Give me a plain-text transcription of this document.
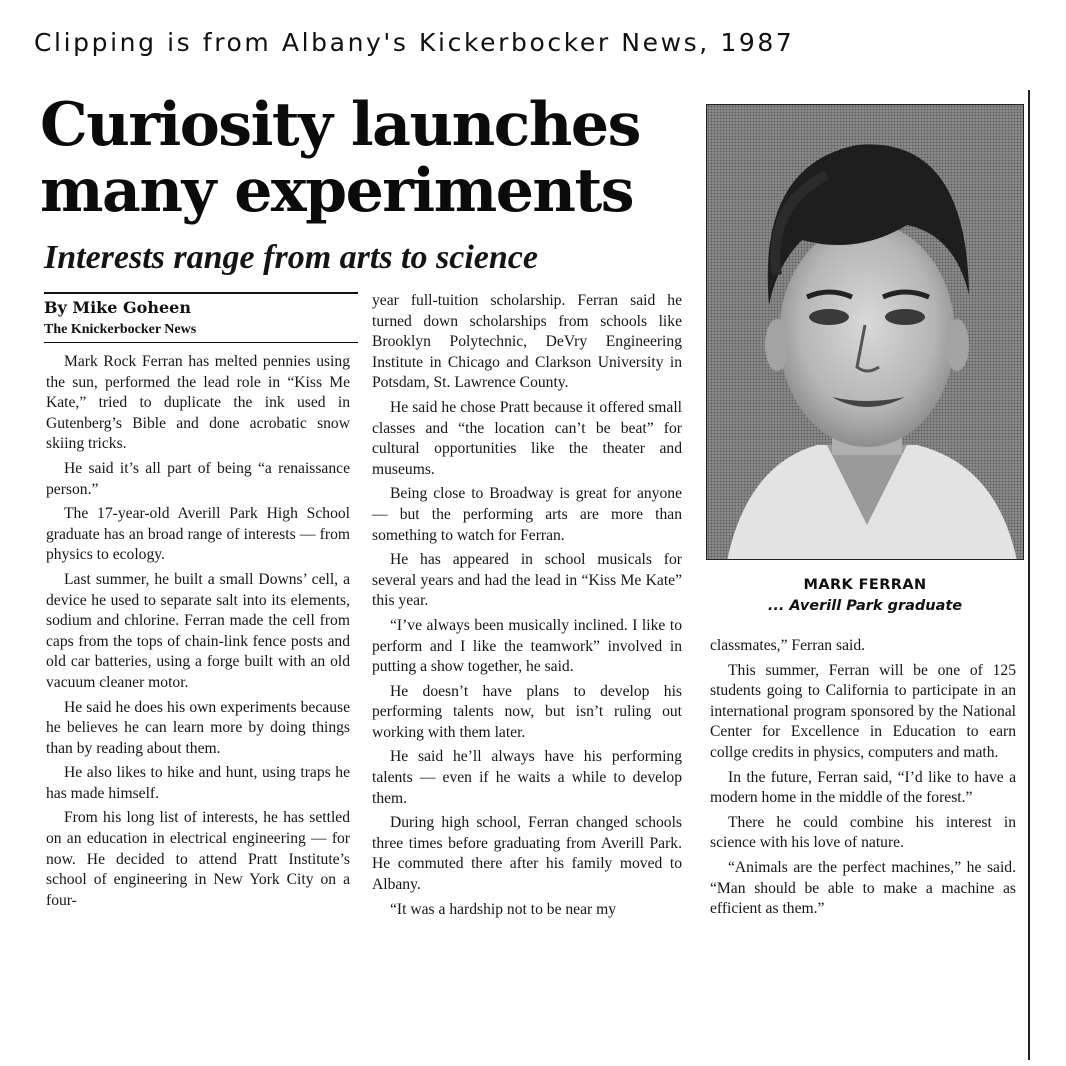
Clipping is from Albany's Kickerbocker News, 1987
Curiosity launches
many experiments
Interests range from arts to science
By Mike Goheen
The Knickerbocker News

Mark Rock Ferran has melted pennies using the sun, performed the lead role in “Kiss Me Kate,” tried to duplicate the ink used in Gutenberg’s Bible and done acrobatic snow skiing tricks.

He said it’s all part of being “a renaissance person.”

The 17-year-old Averill Park High School graduate has an broad range of interests — from physics to ecology.

Last summer, he built a small Downs’ cell, a device he used to separate salt into its elements, sodium and chlorine. Ferran made the cell from caps from the tops of chain-link fence posts and old car batteries, using a forge built with an old vacuum cleaner motor.

He said he does his own experiments because he believes he can learn more by doing things than by reading about them.

He also likes to hike and hunt, using traps he has made himself.

From his long list of interests, he has settled on an education in electrical engineering — for now. He decided to attend Pratt Institute’s school of engineering in New York City on a four-

year full-tuition scholarship. Ferran said he turned down scholarships from schools like Brooklyn Polytechnic, DeVry Engineering Institute in Chicago and Clarkson University in Potsdam, St. Lawrence County.

He said he chose Pratt because it offered small classes and “the location can’t be beat” for cultural opportunities like the theater and museums.

Being close to Broadway is great for anyone — but the performing arts are more than something to watch for Ferran.

He has appeared in school musicals for several years and had the lead in “Kiss Me Kate” this year.

“I’ve always been musically inclined. I like to perform and I like the teamwork” involved in putting a show together, he said.

He doesn’t have plans to develop his performing talents now, but isn’t ruling out working with them later.

He said he’ll always have his performing talents — even if he waits a while to develop them.

During high school, Ferran changed schools three times before graduating from Averill Park. He commuted there after his family moved to Albany.

“It was a hardship not to be near my

MARK FERRAN
... Averill Park graduate

classmates,” Ferran said.

This summer, Ferran will be one of 125 students going to California to participate in an international program sponsored by the National Center for Excellence in Education to earn collge credits in physics, computers and math.

In the future, Ferran said, “I’d like to have a modern home in the middle of the forest.”

There he could combine his interest in science with his love of nature.

“Animals are the perfect machines,” he said. “Man should be able to make a machine as efficient as them.”
